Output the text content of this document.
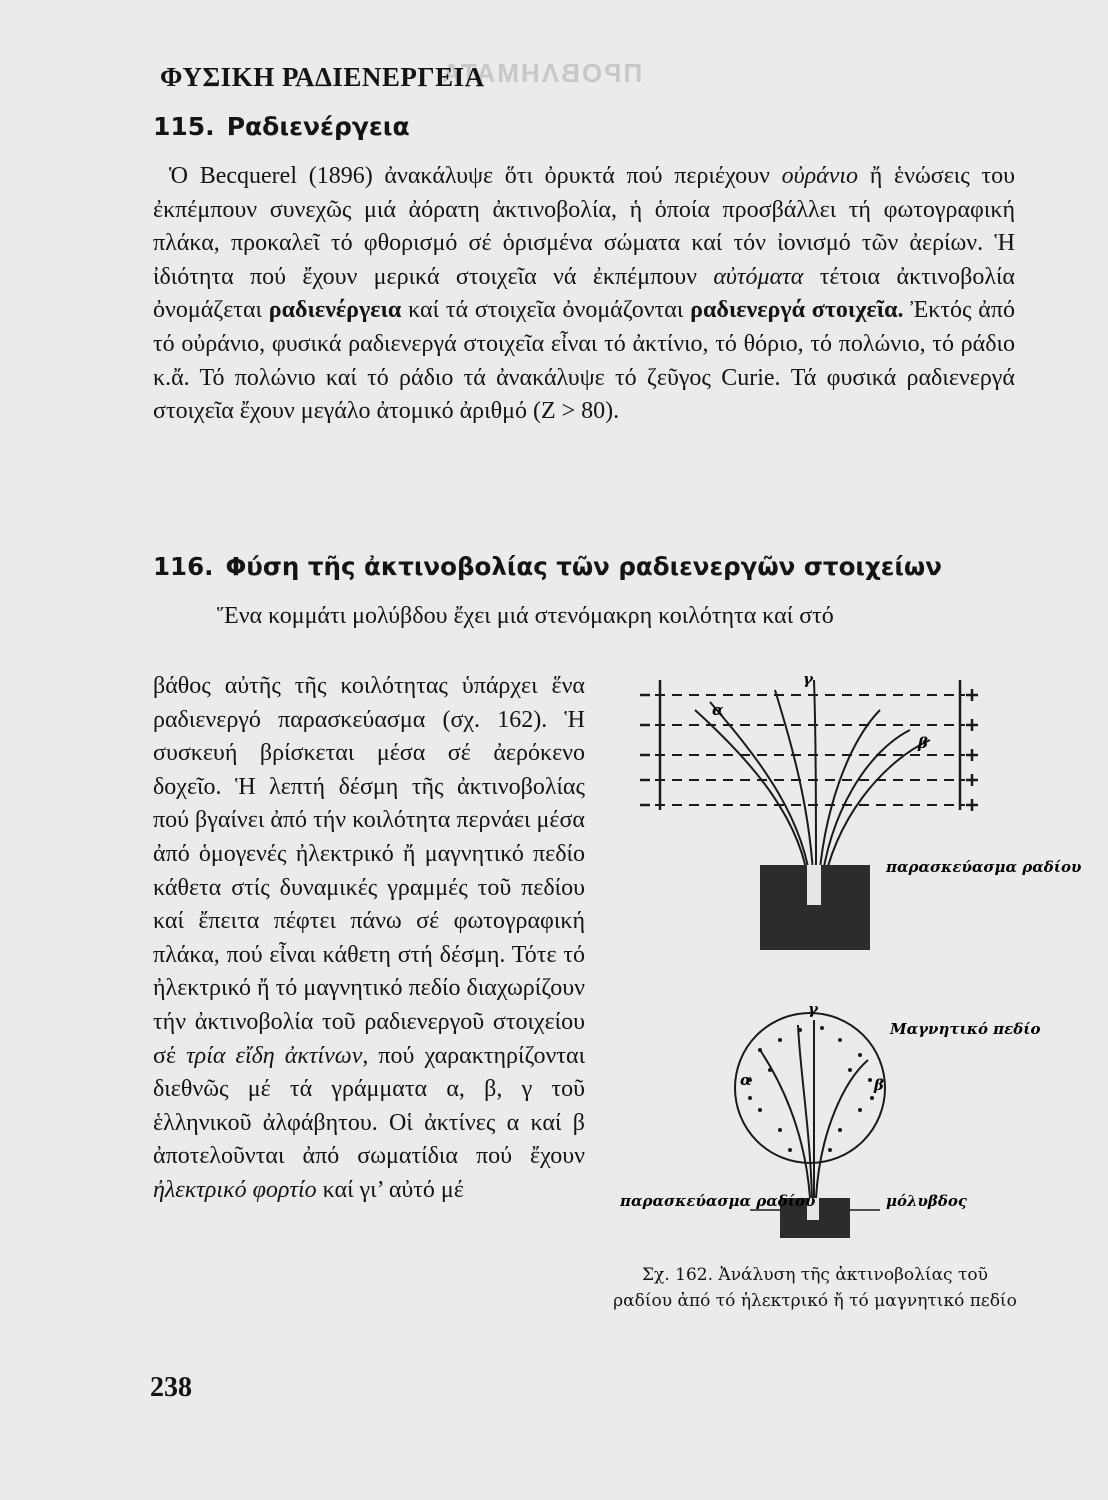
ΠΡΟΒΛΗΜΑΤΑ
ΦΥΣΙΚΗ ΡΑΔΙΕΝΕΡΓΕΙΑ
115. Ραδιενέργεια

Ὁ Becquerel (1896) ἀνακάλυψε ὅτι ὀρυκτά πού περιέχουν οὐράνιο ἤ ἑνώσεις του ἐκπέμπουν συνεχῶς μιά ἀόρατη ἀκτινοβολία, ἡ ὁποία προσβάλλει τή φωτογραφική πλάκα, προκαλεῖ τό φθορισμό σέ ὁρισμένα σώματα καί τόν ἰονισμό τῶν ἀερίων. Ἡ ἰδιότητα πού ἔχουν μερικά στοιχεῖα νά ἐκπέμπουν αὐτόματα τέτοια ἀκτινοβολία ὀνομάζεται ραδιενέργεια καί τά στοιχεῖα ὀνομάζονται ραδιενεργά στοιχεῖα. Ἐκτός ἀπό τό οὐράνιο, φυσικά ραδιενεργά στοιχεῖα εἶναι τό ἀκτίνιο, τό θόριο, τό πολώνιο, τό ράδιο κ.ἄ. Τό πολώνιο καί τό ράδιο τά ἀνακάλυψε τό ζεῦγος Curie. Τά φυσικά ραδιενεργά στοιχεῖα ἔχουν μεγάλο ἀτομικό ἀριθμό (Z > 80).

116. Φύση τῆς ἀκτινοβολίας τῶν ραδιενεργῶν στοιχείων

Ἕνα κομμάτι μολύβδου ἔχει μιά στενόμακρη κοιλότητα καί στό

βάθος αὐτῆς τῆς κοιλότητας ὑπάρχει ἕνα ραδιενεργό παρασκεύασμα (σχ. 162). Ἡ συσκευή βρίσκεται μέσα σέ ἀερόκενο δοχεῖο. Ἡ λεπτή δέσμη τῆς ἀκτινοβολίας πού βγαίνει ἀπό τήν κοιλότητα περνάει μέσα ἀπό ὁμογενές ἠλεκτρικό ἤ μαγνητικό πεδίο κάθετα στίς δυναμικές γραμμές τοῦ πεδίου καί ἔπειτα πέφτει πάνω σέ φωτογραφική πλάκα, πού εἶναι κάθετη στή δέσμη. Τότε τό ἠλεκτρικό ἤ τό μαγνητικό πεδίο διαχωρίζουν τήν ἀκτινοβολία τοῦ ραδιενεργοῦ στοιχείου σέ τρία εἴδη ἀκτίνων, πού χαρακτηρίζονται διεθνῶς μέ τά γράμματα α, β, γ τοῦ ἑλληνικοῦ ἀλφάβητου. Οἱ ἀκτίνες α καί β ἀποτελοῦνται ἀπό σωματίδια πού ἔχουν ἠλεκτρικό φορτίο καί γι’ αὐτό μέ

α
β
γ
παρασκεύασμα ραδίου
γ
α	β
Μαγνητικό πεδίο
παρασκεύασμα ραδίου	μόλυβδος

Σχ. 162. Ἀνάλυση τῆς ἀκτινοβολίας τοῦ ραδίου ἀπό τό ἠλεκτρικό ἤ τό μαγνητικό πεδίο

238
